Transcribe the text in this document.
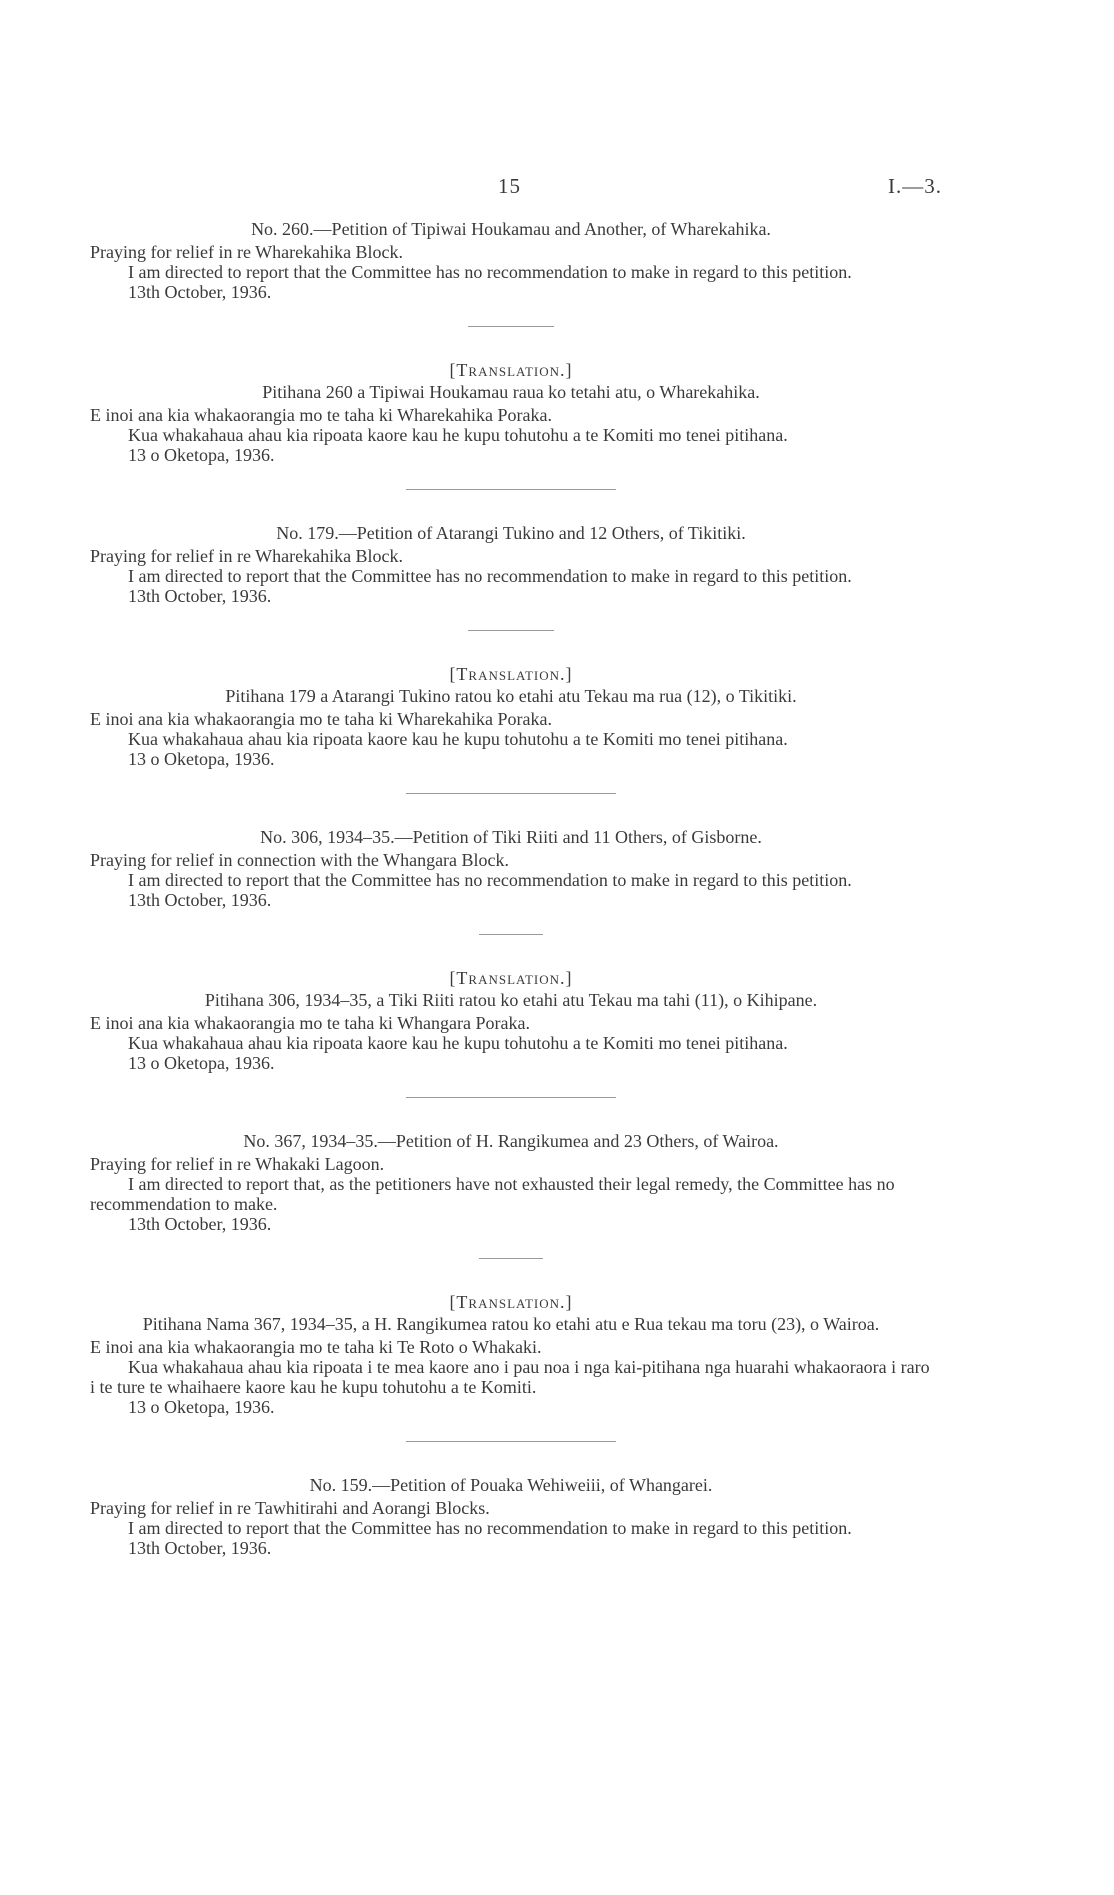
15	I.—3.

No. 260.—Petition of Tipiwai Houkamau and Another, of Wharekahika.

Praying for relief in re Wharekahika Block.

I am directed to report that the Committee has no recommendation to make in regard to this petition.

13th October, 1936.

[Translation.]

Pitihana 260 a Tipiwai Houkamau raua ko tetahi atu, o Wharekahika.

E inoi ana kia whakaorangia mo te taha ki Wharekahika Poraka.

Kua whakahaua ahau kia ripoata kaore kau he kupu tohutohu a te Komiti mo tenei pitihana.

13 o Oketopa, 1936.

No. 179.—Petition of Atarangi Tukino and 12 Others, of Tikitiki.

Praying for relief in re Wharekahika Block.

I am directed to report that the Committee has no recommendation to make in regard to this petition.

13th October, 1936.

[Translation.]

Pitihana 179 a Atarangi Tukino ratou ko etahi atu Tekau ma rua (12), o Tikitiki.

E inoi ana kia whakaorangia mo te taha ki Wharekahika Poraka.

Kua whakahaua ahau kia ripoata kaore kau he kupu tohutohu a te Komiti mo tenei pitihana.

13 o Oketopa, 1936.

No. 306, 1934–35.—Petition of Tiki Riiti and 11 Others, of Gisborne.

Praying for relief in connection with the Whangara Block.

I am directed to report that the Committee has no recommendation to make in regard to this petition.

13th October, 1936.

[Translation.]

Pitihana 306, 1934–35, a Tiki Riiti ratou ko etahi atu Tekau ma tahi (11), o Kihipane.

E inoi ana kia whakaorangia mo te taha ki Whangara Poraka.

Kua whakahaua ahau kia ripoata kaore kau he kupu tohutohu a te Komiti mo tenei pitihana.

13 o Oketopa, 1936.

No. 367, 1934–35.—Petition of H. Rangikumea and 23 Others, of Wairoa.

Praying for relief in re Whakaki Lagoon.

I am directed to report that, as the petitioners have not exhausted their legal remedy, the Committee has no recommendation to make.

13th October, 1936.

[Translation.]

Pitihana Nama 367, 1934–35, a H. Rangikumea ratou ko etahi atu e Rua tekau ma toru (23), o Wairoa.

E inoi ana kia whakaorangia mo te taha ki Te Roto o Whakaki.

Kua whakahaua ahau kia ripoata i te mea kaore ano i pau noa i nga kai-pitihana nga huarahi whakaoraora i raro i te ture te whaihaere kaore kau he kupu tohutohu a te Komiti.

13 o Oketopa, 1936.

No. 159.—Petition of Pouaka Wehiweiii, of Whangarei.

Praying for relief in re Tawhitirahi and Aorangi Blocks.

I am directed to report that the Committee has no recommendation to make in regard to this petition.

13th October, 1936.
